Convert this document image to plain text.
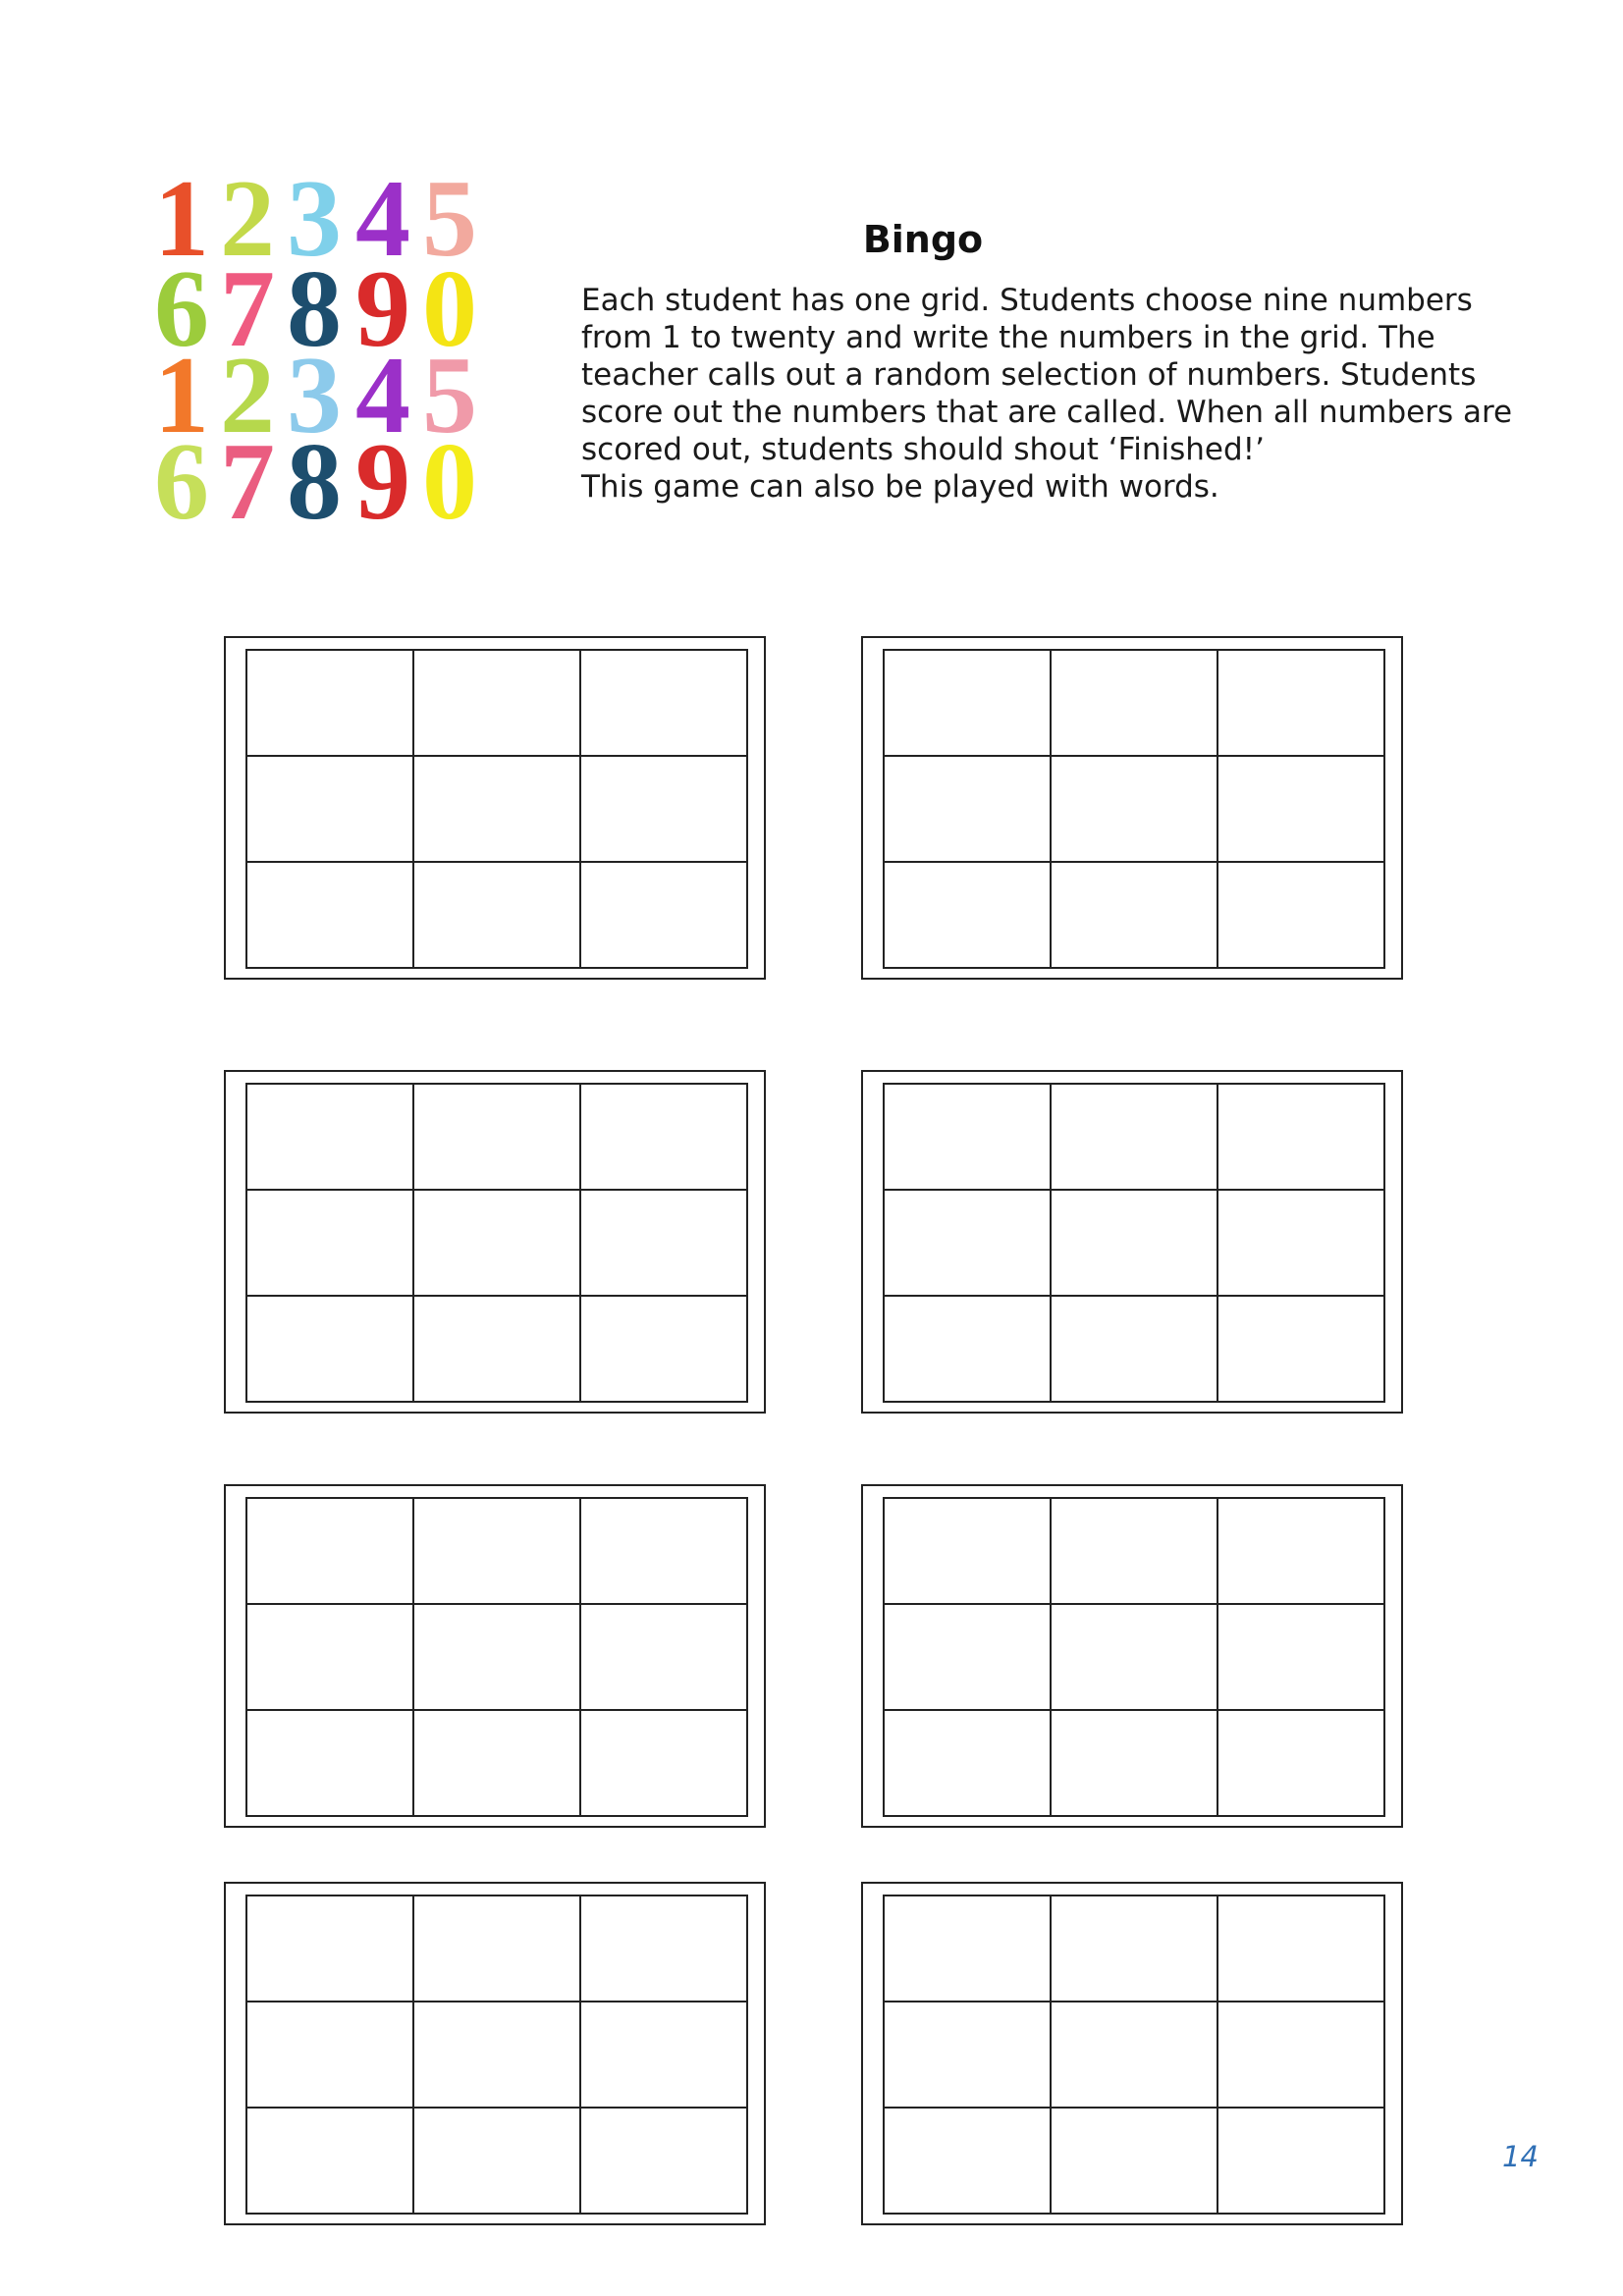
1 2 3 4 5
6 7 8 9 0
1 2 3 4 5
6 7 8 9 0
Bingo

Each student has one grid. Students choose nine numbers from 1 to twenty and write the numbers in the grid. The teacher calls out a random selection of numbers. Students score out the numbers that are called. When all numbers are scored out, students should shout ‘Finished!’

This game can also be played with words.

14
